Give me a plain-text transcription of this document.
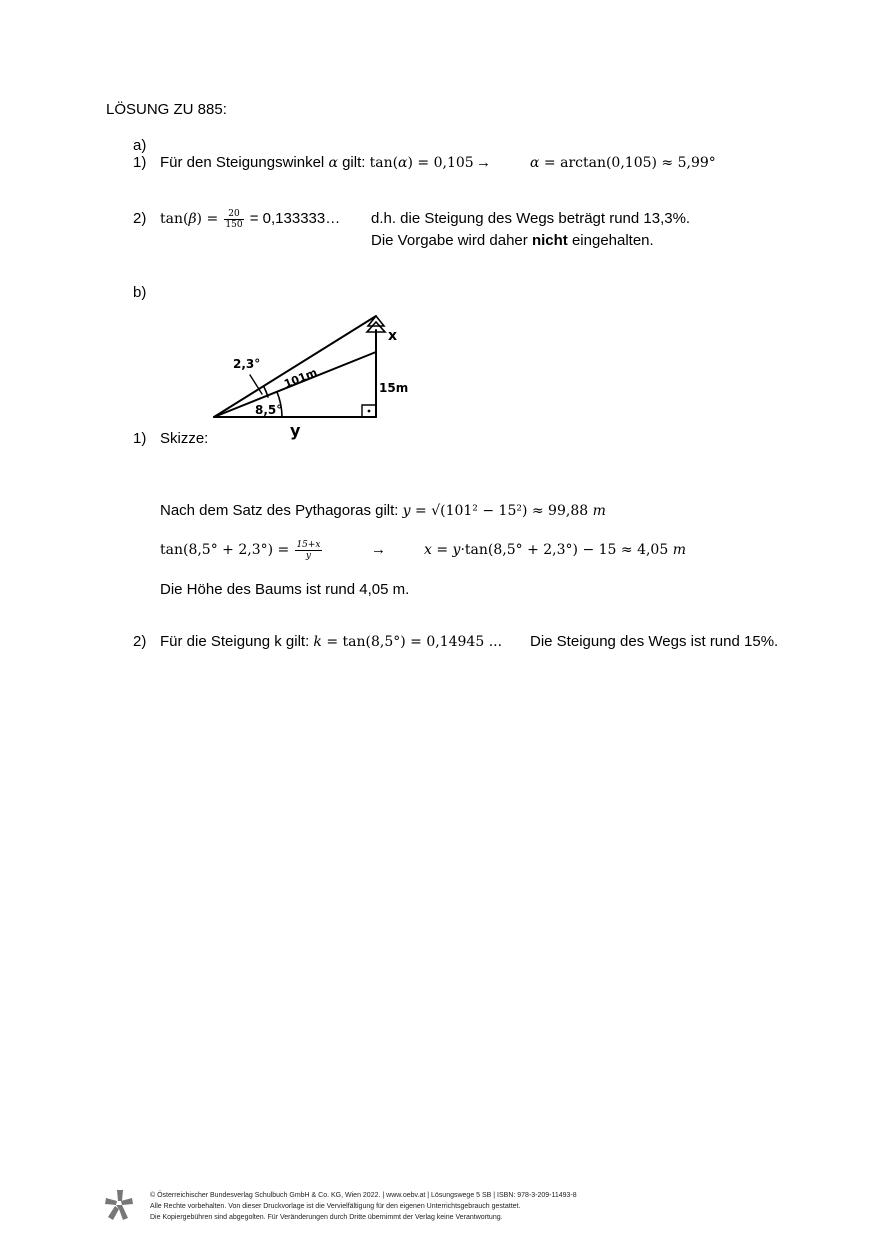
LÖSUNG ZU 885:
a)
1) Für den Steigungswinkel α gilt: tan(α) = 0,105 →	α = arctan(0,105) ≈ 5,99°
2) $\tan(\beta) = \frac{20}{150}$ = 0,133333… d.h. die Steigung des Wegs beträgt rund 13,3%.
Die Vorgabe wird daher nicht eingehalten.
b)
x
2,3°
101m	15m
8,5°
y
1) Skizze:
Nach dem Satz des Pythagoras gilt: y = √(101² − 15²) ≈ 99,88 m
$\tan(8,5^\circ + 2,3^\circ) = \frac{15+x}{y}$	→	x = y·tan(8,5° + 2,3°) − 15 ≈ 4,05 m
Die Höhe des Baums ist rund 4,05 m.
2) Für die Steigung k gilt: k = tan(8,5°) = 0,14945 ... Die Steigung des Wegs ist rund 15%.
© Österreichischer Bundesverlag Schulbuch GmbH & Co. KG, Wien 2022. | www.oebv.at | Lösungswege 5 SB | ISBN: 978-3-209-11493-8
Alle Rechte vorbehalten. Von dieser Druckvorlage ist die Vervielfältigung für den eigenen Unterrichtsgebrauch gestattet.
Die Kopiergebühren sind abgegolten. Für Veränderungen durch Dritte übernimmt der Verlag keine Verantwortung.
